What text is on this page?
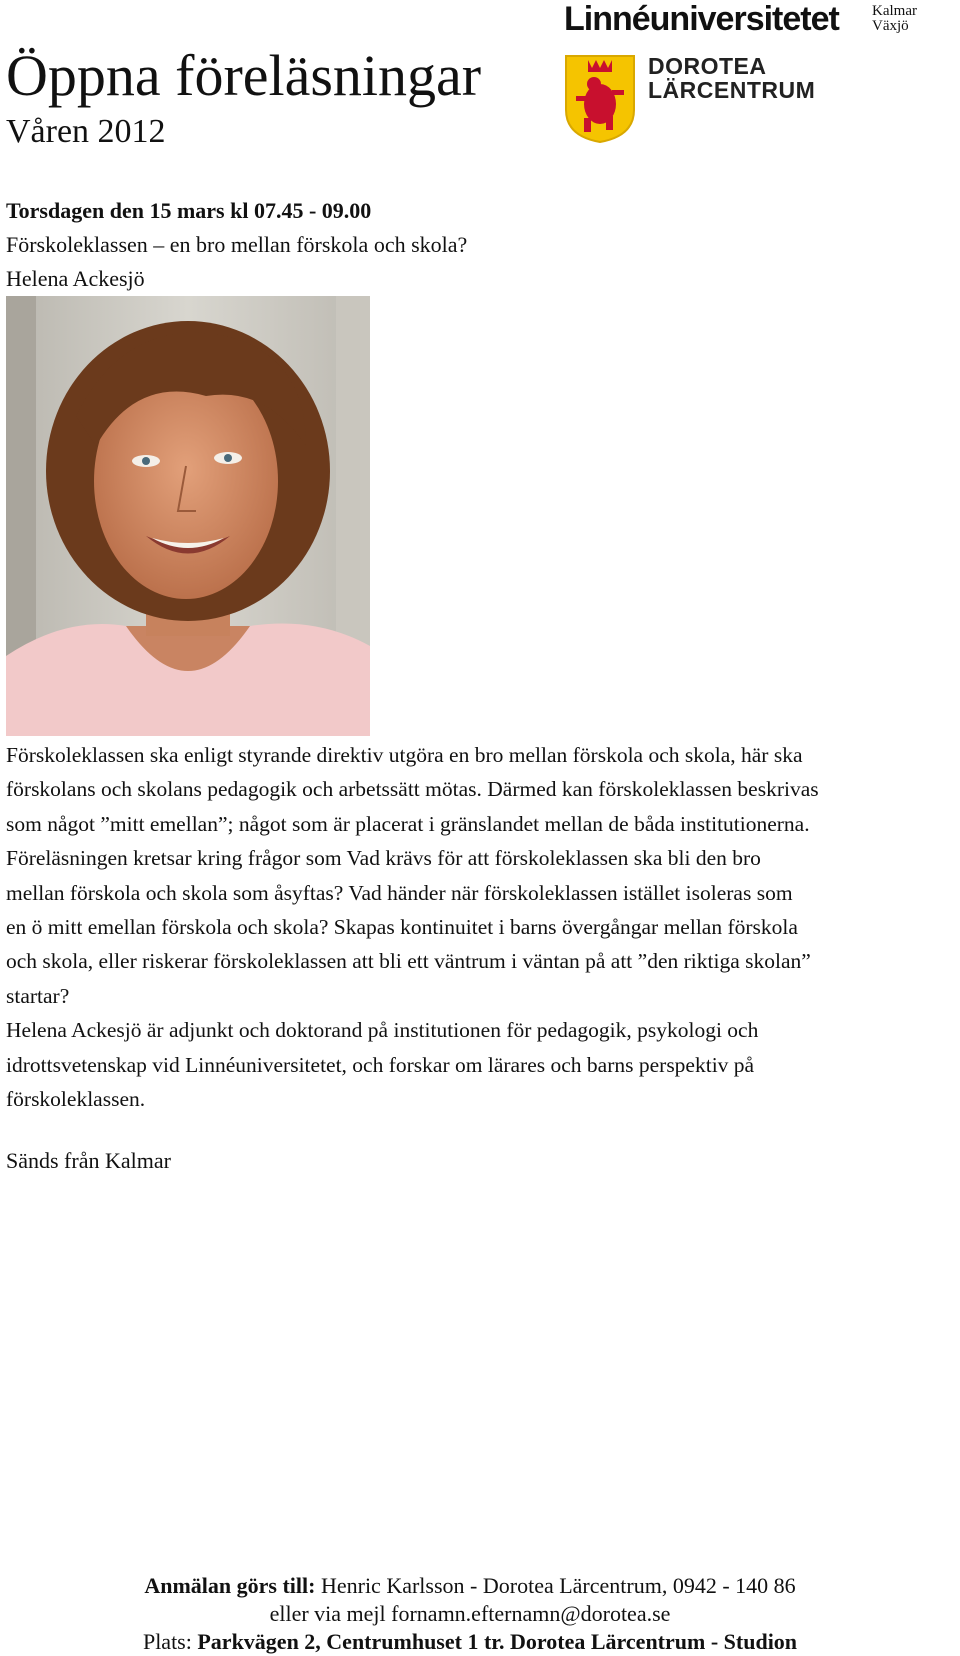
Öppna föreläsningar
Våren 2012
Linnéuniversitetet Kalmar
Växjö
DOROTEA
LÄRCENTRUM
Torsdagen den 15 mars kl 07.45 - 09.00
Förskoleklassen – en bro mellan förskola och skola?
Helena Ackesjö

Förskoleklassen ska enligt styrande direktiv utgöra en bro mellan förskola och skola, här ska

förskolans och skolans pedagogik och arbetssätt mötas. Därmed kan förskoleklassen beskrivas

som något ”mitt emellan”; något som är placerat i gränslandet mellan de båda institutionerna.

Föreläsningen kretsar kring frågor som Vad krävs för att förskoleklassen ska bli den bro

mellan förskola och skola som åsyftas? Vad händer när förskoleklassen istället isoleras som

en ö mitt emellan förskola och skola? Skapas kontinuitet i barns övergångar mellan förskola

och skola, eller riskerar förskoleklassen att bli ett väntrum i väntan på att ”den riktiga skolan”

startar?

Helena Ackesjö är adjunkt och doktorand på institutionen för pedagogik, psykologi och

idrottsvetenskap vid Linnéuniversitetet, och forskar om lärares och barns perspektiv på

förskoleklassen.

Sänds från Kalmar
Anmälan görs till: Henric Karlsson - Dorotea Lärcentrum, 0942 - 140 86
eller via mejl fornamn.efternamn@dorotea.se
Plats: Parkvägen 2, Centrumhuset 1 tr. Dorotea Lärcentrum - Studion
